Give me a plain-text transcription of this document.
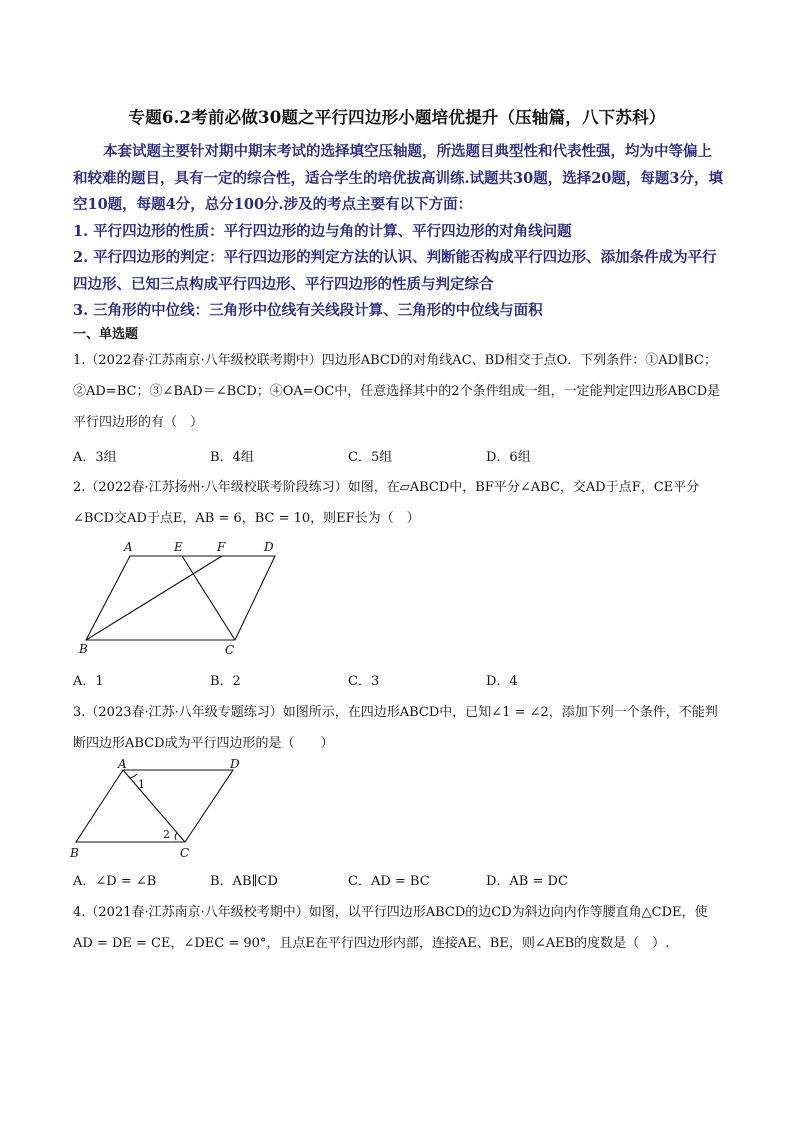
专题6.2考前必做30题之平行四边形小题培优提升（压轴篇，八下苏科）

本套试题主要针对期中期末考试的选择填空压轴题，所选题目典型性和代表性强，均为中等偏上和较难的题目，具有一定的综合性，适合学生的培优拔高训练.试题共30题，选择20题，每题3分，填空10题，每题4分，总分100分.涉及的考点主要有以下方面：

1. 平行四边形的性质：平行四边形的边与角的计算、平行四边形的对角线问题

2. 平行四边形的判定：平行四边形的判定方法的认识、判断能否构成平行四边形、添加条件成为平行四边形、已知三点构成平行四边形、平行四边形的性质与判定综合

3. 三角形的中位线：三角形中位线有关线段计算、三角形的中位线与面积

一、单选题

1.（2022春·江苏南京·八年级校联考期中）四边形ABCD的对角线AC、BD相交于点O．下列条件：①AD∥BC；②AD=BC；③∠BAD＝∠BCD；④OA=OC中，任意选择其中的2个条件组成一组，一定能判定四边形ABCD是平行四边形的有（　）

A．3组	B．4组	C．5组	D．6组

2.（2022春·江苏扬州·八年级校联考阶段练习）如图，在▱ABCD中，BF平分∠ABC，交AD于点F，CE平分∠BCD交AD于点E，AB = 6，BC = 10，则EF长为（　）

A	E	F	D
B	C
A．1	B．2	C．3	D．4

3.（2023春·江苏·八年级专题练习）如图所示，在四边形ABCD中，已知∠1 = ∠2，添加下列一个条件，不能判断四边形ABCD成为平行四边形的是（　　）

A	D
B	C
1
2
A．∠D = ∠B	B．AB∥CD	C．AD = BC	D．AB = DC

4.（2021春·江苏南京·八年级校考期中）如图，以平行四边形ABCD的边CD为斜边向内作等腰直角△CDE，使AD = DE = CE，∠DEC = 90°，且点E在平行四边形内部，连接AE、BE，则∠AEB的度数是（　）.
